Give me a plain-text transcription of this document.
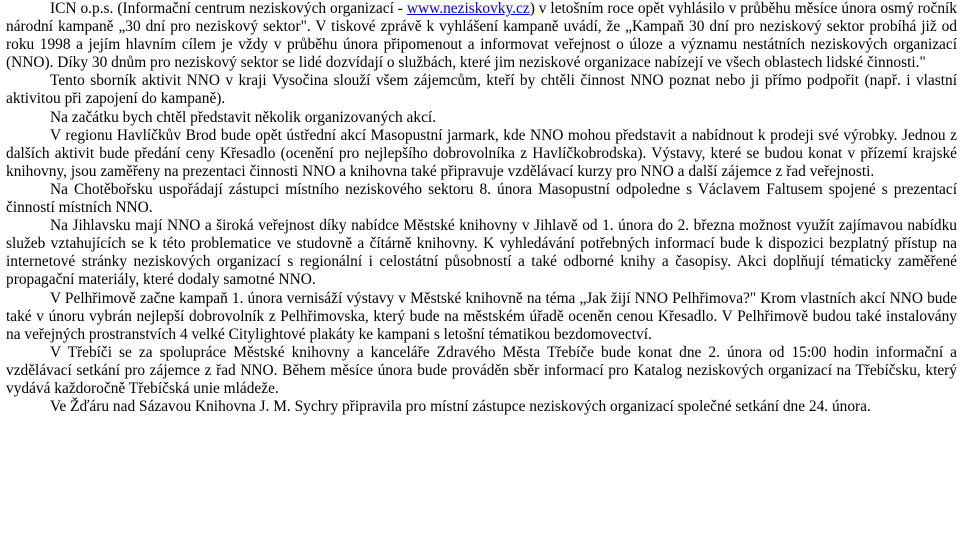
ICN o.p.s. (Informační centrum neziskových organizací - www.neziskovky.cz) v letošním roce opět vyhlásilo v průběhu měsíce února osmý ročník národní kampaně „30 dní pro neziskový sektor". V tiskové zprávě k vyhlášení kampaně uvádí, že „Kampaň 30 dní pro neziskový sektor probíhá již od roku 1998 a jejím hlavním cílem je vždy v průběhu února připomenout a informovat veřejnost o úloze a významu nestátních neziskových organizací (NNO). Díky 30 dnům pro neziskový sektor se lidé dozvídají o službách, které jim neziskové organizace nabízejí ve všech oblastech lidské činnosti."

Tento sborník aktivit NNO v kraji Vysočina slouží všem zájemcům, kteří by chtěli činnost NNO poznat nebo ji přímo podpořit (např. i vlastní aktivitou při zapojení do kampaně).

Na začátku bych chtěl představit několik organizovaných akcí.

V regionu Havlíčkův Brod bude opět ústřední akcí Masopustní jarmark, kde NNO mohou představit a nabídnout k prodeji své výrobky. Jednou z dalších aktivit bude předání ceny Křesadlo (ocenění pro nejlepšího dobrovolníka z Havlíčkobrodska). Výstavy, které se budou konat v přízemí krajské knihovny, jsou zaměřeny na prezentaci činnosti NNO a knihovna také připravuje vzdělávací kurzy pro NNO a další zájemce z řad veřejnosti.

Na Chotěbořsku uspořádají zástupci místního neziskového sektoru 8. února Masopustní odpoledne s Václavem Faltusem spojené s prezentací činností místních NNO.

Na Jihlavsku mají NNO a široká veřejnost díky nabídce Městské knihovny v Jihlavě od 1. února do 2. března možnost využít zajímavou nabídku služeb vztahujících se k této problematice ve studovně a čítárně knihovny. K vyhledávání potřebných informací bude k dispozici bezplatný přístup na internetové stránky neziskových organizací s regionální i celostátní působností a také odborné knihy a časopisy. Akci doplňují tématicky zaměřené propagační materiály, které dodaly samotné NNO.

V Pelhřimově začne kampaň 1. února vernisáží výstavy v Městské knihovně na téma „Jak žijí NNO Pelhřimova?" Krom vlastních akcí NNO bude také v únoru vybrán nejlepší dobrovolník z Pelhřimovska, který bude na městském úřadě oceněn cenou Křesadlo. V Pelhřimově budou také instalovány na veřejných prostranstvích 4 velké Citylightové plakáty ke kampani s letošní tématikou bezdomovectví.

V Třebíči se za spolupráce Městské knihovny a kanceláře Zdravého Města Třebíče bude konat dne 2. února od 15:00 hodin informační a vzdělávací setkání pro zájemce z řad NNO. Během měsíce února bude prováděn sběr informací pro Katalog neziskových organizací na Třebíčsku, který vydává každoročně Třebíčská unie mládeže.

Ve Žďáru nad Sázavou Knihovna J. M. Sychry připravila pro místní zástupce neziskových organizací společné setkání dne 24. února.
